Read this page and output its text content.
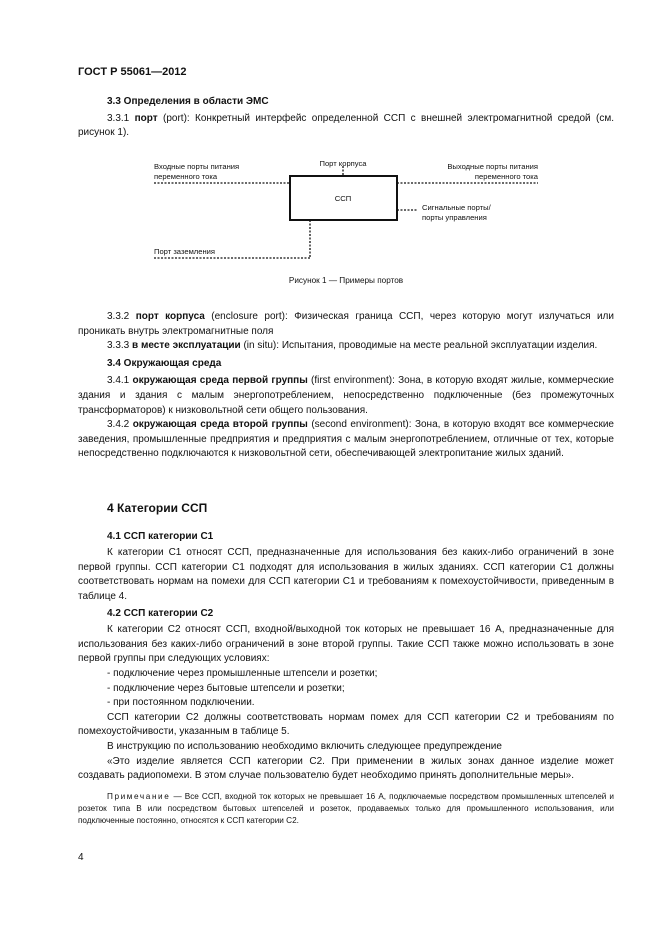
ГОСТ Р 55061—2012

3.3 Определения в области ЭМС

3.3.1 порт (port): Конкретный интерфейс определенной ССП с внешней электромагнитной средой (см. рисунок 1).

ССП
Порт корпуса
Входные порты питания
переменного тока
Выходные порты питания
переменного тока
Сигнальные порты/
порты управления
Порт заземления
Рисунок 1 — Примеры портов

3.3.2 порт корпуса (enclosure port): Физическая граница ССП, через которую могут излучаться или проникать внутрь электромагнитные поля

3.3.3 в месте эксплуатации (in situ): Испытания, проводимые на месте реальной эксплуатации изделия.

3.4 Окружающая среда

3.4.1 окружающая среда первой группы (first environment): Зона, в которую входят жилые, коммерческие здания и здания с малым энергопотреблением, непосредственно подключенные (без промежуточных трансформаторов) к низковольтной сети общего пользования.

3.4.2 окружающая среда второй группы (second environment): Зона, в которую входят все коммерческие заведения, промышленные предприятия и предприятия с малым энергопотреблением, отличные от тех, которые непосредственно подключаются к низковольтной сети, обеспечивающей электропитание жилых зданий.

4 Категории ССП

4.1 ССП категории С1

К категории С1 относят ССП, предназначенные для использования без каких-либо ограничений в зоне первой группы. ССП категории С1 подходят для использования в жилых зданиях. ССП категории С1 должны соответствовать нормам на помехи для ССП категории С1 и требованиям к помехоустойчивости, приведенным в таблице 4.

4.2 ССП категории С2

К категории С2 относят ССП, входной/выходной ток которых не превышает 16 А, предназначенные для использования без каких-либо ограничений в зоне второй группы. Такие ССП также можно использовать в зоне первой группы при следующих условиях:

- подключение через промышленные штепсели и розетки;

- подключение через бытовые штепсели и розетки;

- при постоянном подключении.

ССП категории С2 должны соответствовать нормам помех для ССП категории С2 и требованиям по помехоустойчивости, указанным в таблице 5.

В инструкцию по использованию необходимо включить следующее предупреждение

«Это изделие является ССП категории С2. При применении в жилых зонах данное изделие может создавать радиопомехи. В этом случае пользователю будет необходимо принять дополнительные меры».

Примечание — Все ССП, входной ток которых не превышает 16 А, подключаемые посредством промышленных штепселей и розеток типа В или посредством бытовых штепселей и розеток, продаваемых только для промышленного использования, или подключенные постоянно, относятся к ССП категории С2.

4
